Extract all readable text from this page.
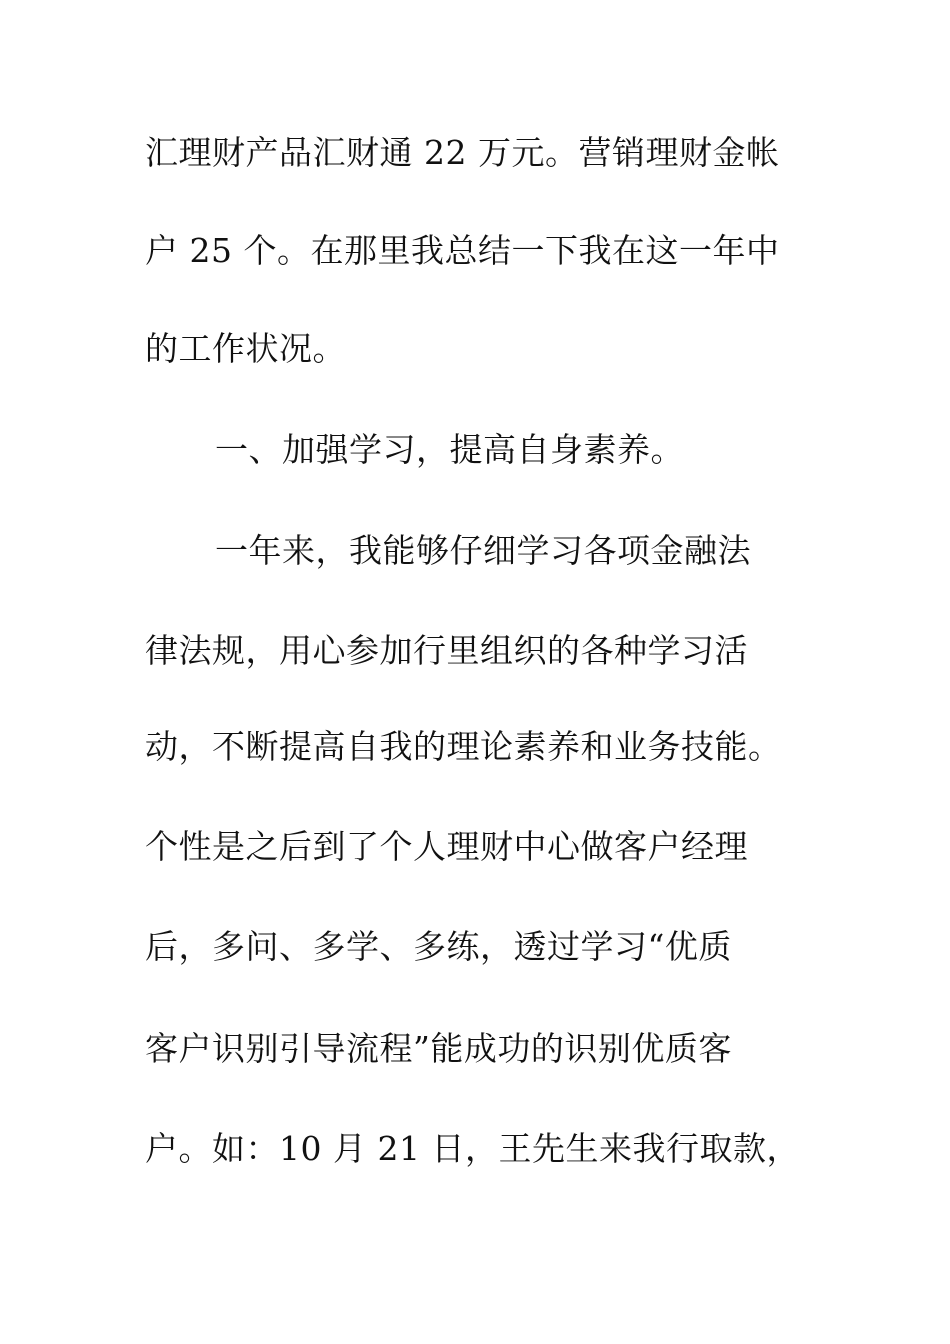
汇理财产品汇财通 22 万元。营销理财金帐
户 25 个。在那里我总结一下我在这一年中
的工作状况。
一、加强学习，提高自身素养。
一年来，我能够仔细学习各项金融法
律法规，用心参加行里组织的各种学习活
动，不断提高自我的理论素养和业务技能。
个性是之后到了个人理财中心做客户经理
后，多问、多学、多练，透过学习“优质
客户识别引导流程”能成功的识别优质客
户。如：10 月 21 日，王先生来我行取款，
